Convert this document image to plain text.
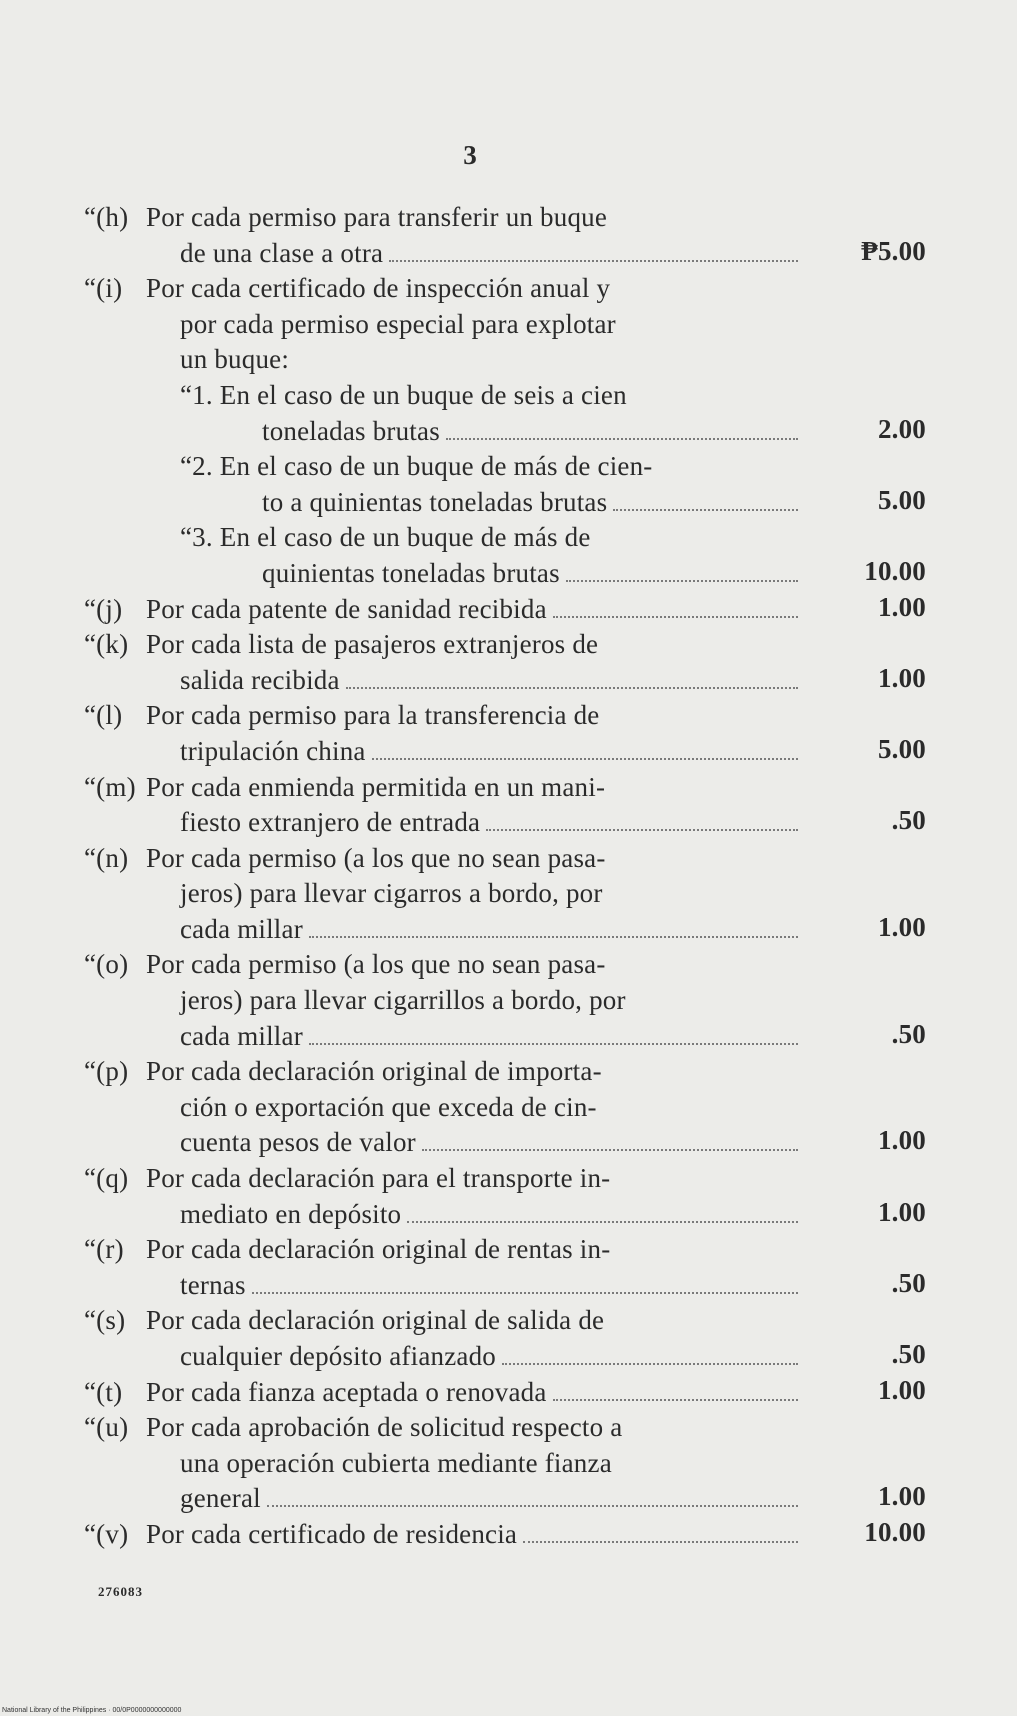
3
“(h) Por cada permiso para transferir un buque
de una clase a otra	₱5.00
“(i) Por cada certificado de inspección anual y
por cada permiso especial para explotar
un buque:
“1. En el caso de un buque de seis a cien
toneladas brutas	2.00
“2. En el caso de un buque de más de cien-
to a quinientas toneladas brutas	5.00
“3. En el caso de un buque de más de
quinientas toneladas brutas	10.00
“(j) Por cada patente de sanidad recibida	1.00
“(k) Por cada lista de pasajeros extranjeros de
salida recibida	1.00
“(l) Por cada permiso para la transferencia de
tripulación china	5.00
“(m) Por cada enmienda permitida en un mani-
fiesto extranjero de entrada	.50
“(n) Por cada permiso (a los que no sean pasa-
jeros) para llevar cigarros a bordo, por
cada millar	1.00
“(o) Por cada permiso (a los que no sean pasa-
jeros) para llevar cigarrillos a bordo, por
cada millar	.50
“(p) Por cada declaración original de importa-
ción o exportación que exceda de cin-
cuenta pesos de valor	1.00
“(q) Por cada declaración para el transporte in-
mediato en depósito	1.00
“(r) Por cada declaración original de rentas in-
ternas	.50
“(s) Por cada declaración original de salida de
cualquier depósito afianzado	.50
“(t) Por cada fianza aceptada o renovada	1.00
“(u) Por cada aprobación de solicitud respecto a
una operación cubierta mediante fianza
general	1.00
“(v) Por cada certificado de residencia	10.00
276083
National Library of the Philippines · 00/0P0000000000000
